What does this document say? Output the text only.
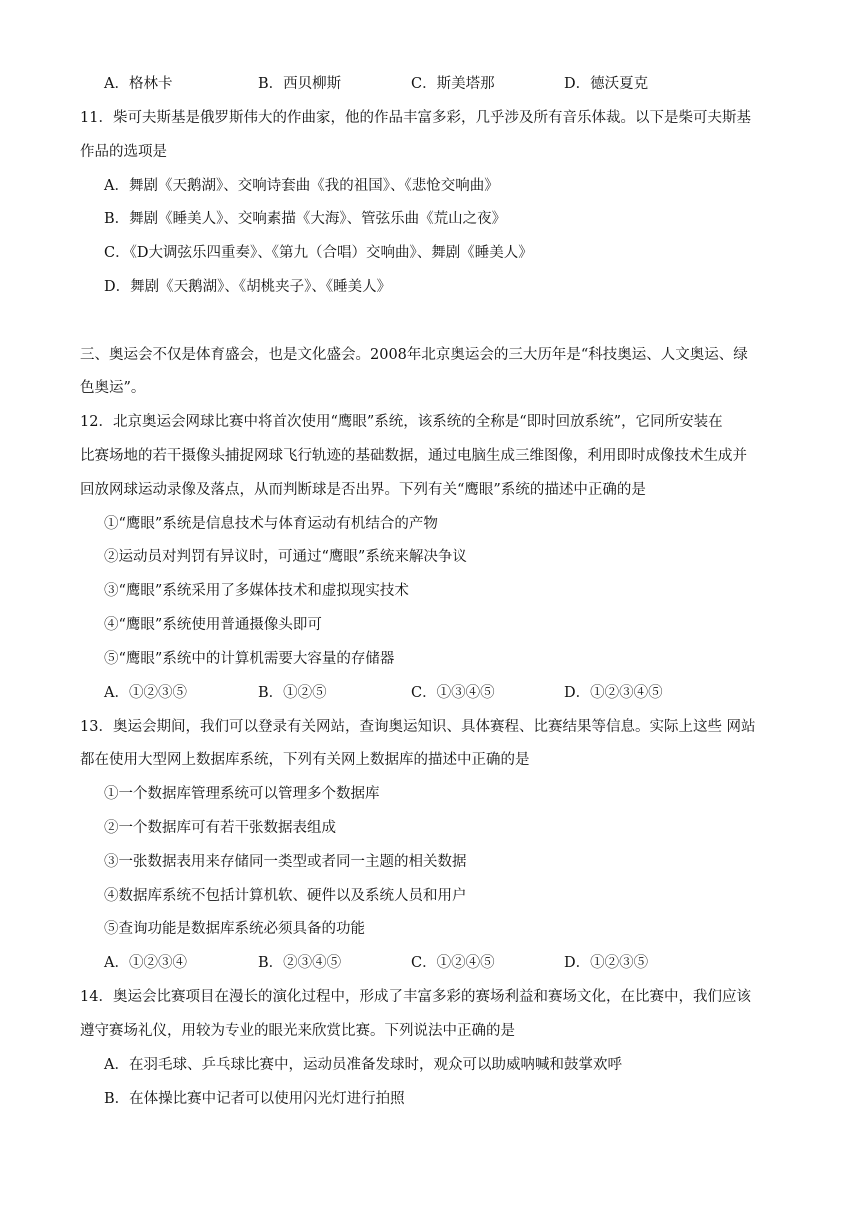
A．格林卡	B．西贝柳斯	C．斯美塔那	D．德沃夏克
11．柴可夫斯基是俄罗斯伟大的作曲家，他的作品丰富多彩，几乎涉及所有音乐体裁。以下是柴可夫斯基
作品的选项是
A．舞剧《天鹅湖》、交响诗套曲《我的祖国》、《悲怆交响曲》
B．舞剧《睡美人》、交响素描《大海》、管弦乐曲《荒山之夜》
C．《D大调弦乐四重奏》、《第九（合唱）交响曲》、舞剧《睡美人》
D．舞剧《天鹅湖》、《胡桃夹子》、《睡美人》
三、奥运会不仅是体育盛会，也是文化盛会。2008年北京奥运会的三大历年是“科技奥运、人文奥运、绿
色奥运”。
12．北京奥运会网球比赛中将首次使用“鹰眼”系统，该系统的全称是“即时回放系统”，它同所安装在
比赛场地的若干摄像头捕捉网球飞行轨迹的基础数据，通过电脑生成三维图像，利用即时成像技术生成并
回放网球运动录像及落点，从而判断球是否出界。下列有关“鹰眼”系统的描述中正确的是
①“鹰眼”系统是信息技术与体育运动有机结合的产物
②运动员对判罚有异议时，可通过“鹰眼”系统来解决争议
③“鹰眼”系统采用了多媒体技术和虚拟现实技术
④“鹰眼”系统使用普通摄像头即可
⑤“鹰眼”系统中的计算机需要大容量的存储器
A．①②③⑤	B．①②⑤	C．①③④⑤	D．①②③④⑤
13．奥运会期间，我们可以登录有关网站，查询奥运知识、具体赛程、比赛结果等信息。实际上这些 网站
都在使用大型网上数据库系统，下列有关网上数据库的描述中正确的是
①一个数据库管理系统可以管理多个数据库
②一个数据库可有若干张数据表组成
③一张数据表用来存储同一类型或者同一主题的相关数据
④数据库系统不包括计算机软、硬件以及系统人员和用户
⑤查询功能是数据库系统必须具备的功能
A．①②③④	B．②③④⑤	C．①②④⑤	D．①②③⑤
14．奥运会比赛项目在漫长的演化过程中，形成了丰富多彩的赛场利益和赛场文化，在比赛中，我们应该
遵守赛场礼仪，用较为专业的眼光来欣赏比赛。下列说法中正确的是
A．在羽毛球、乒乓球比赛中，运动员准备发球时，观众可以助威呐喊和鼓掌欢呼
B．在体操比赛中记者可以使用闪光灯进行拍照
